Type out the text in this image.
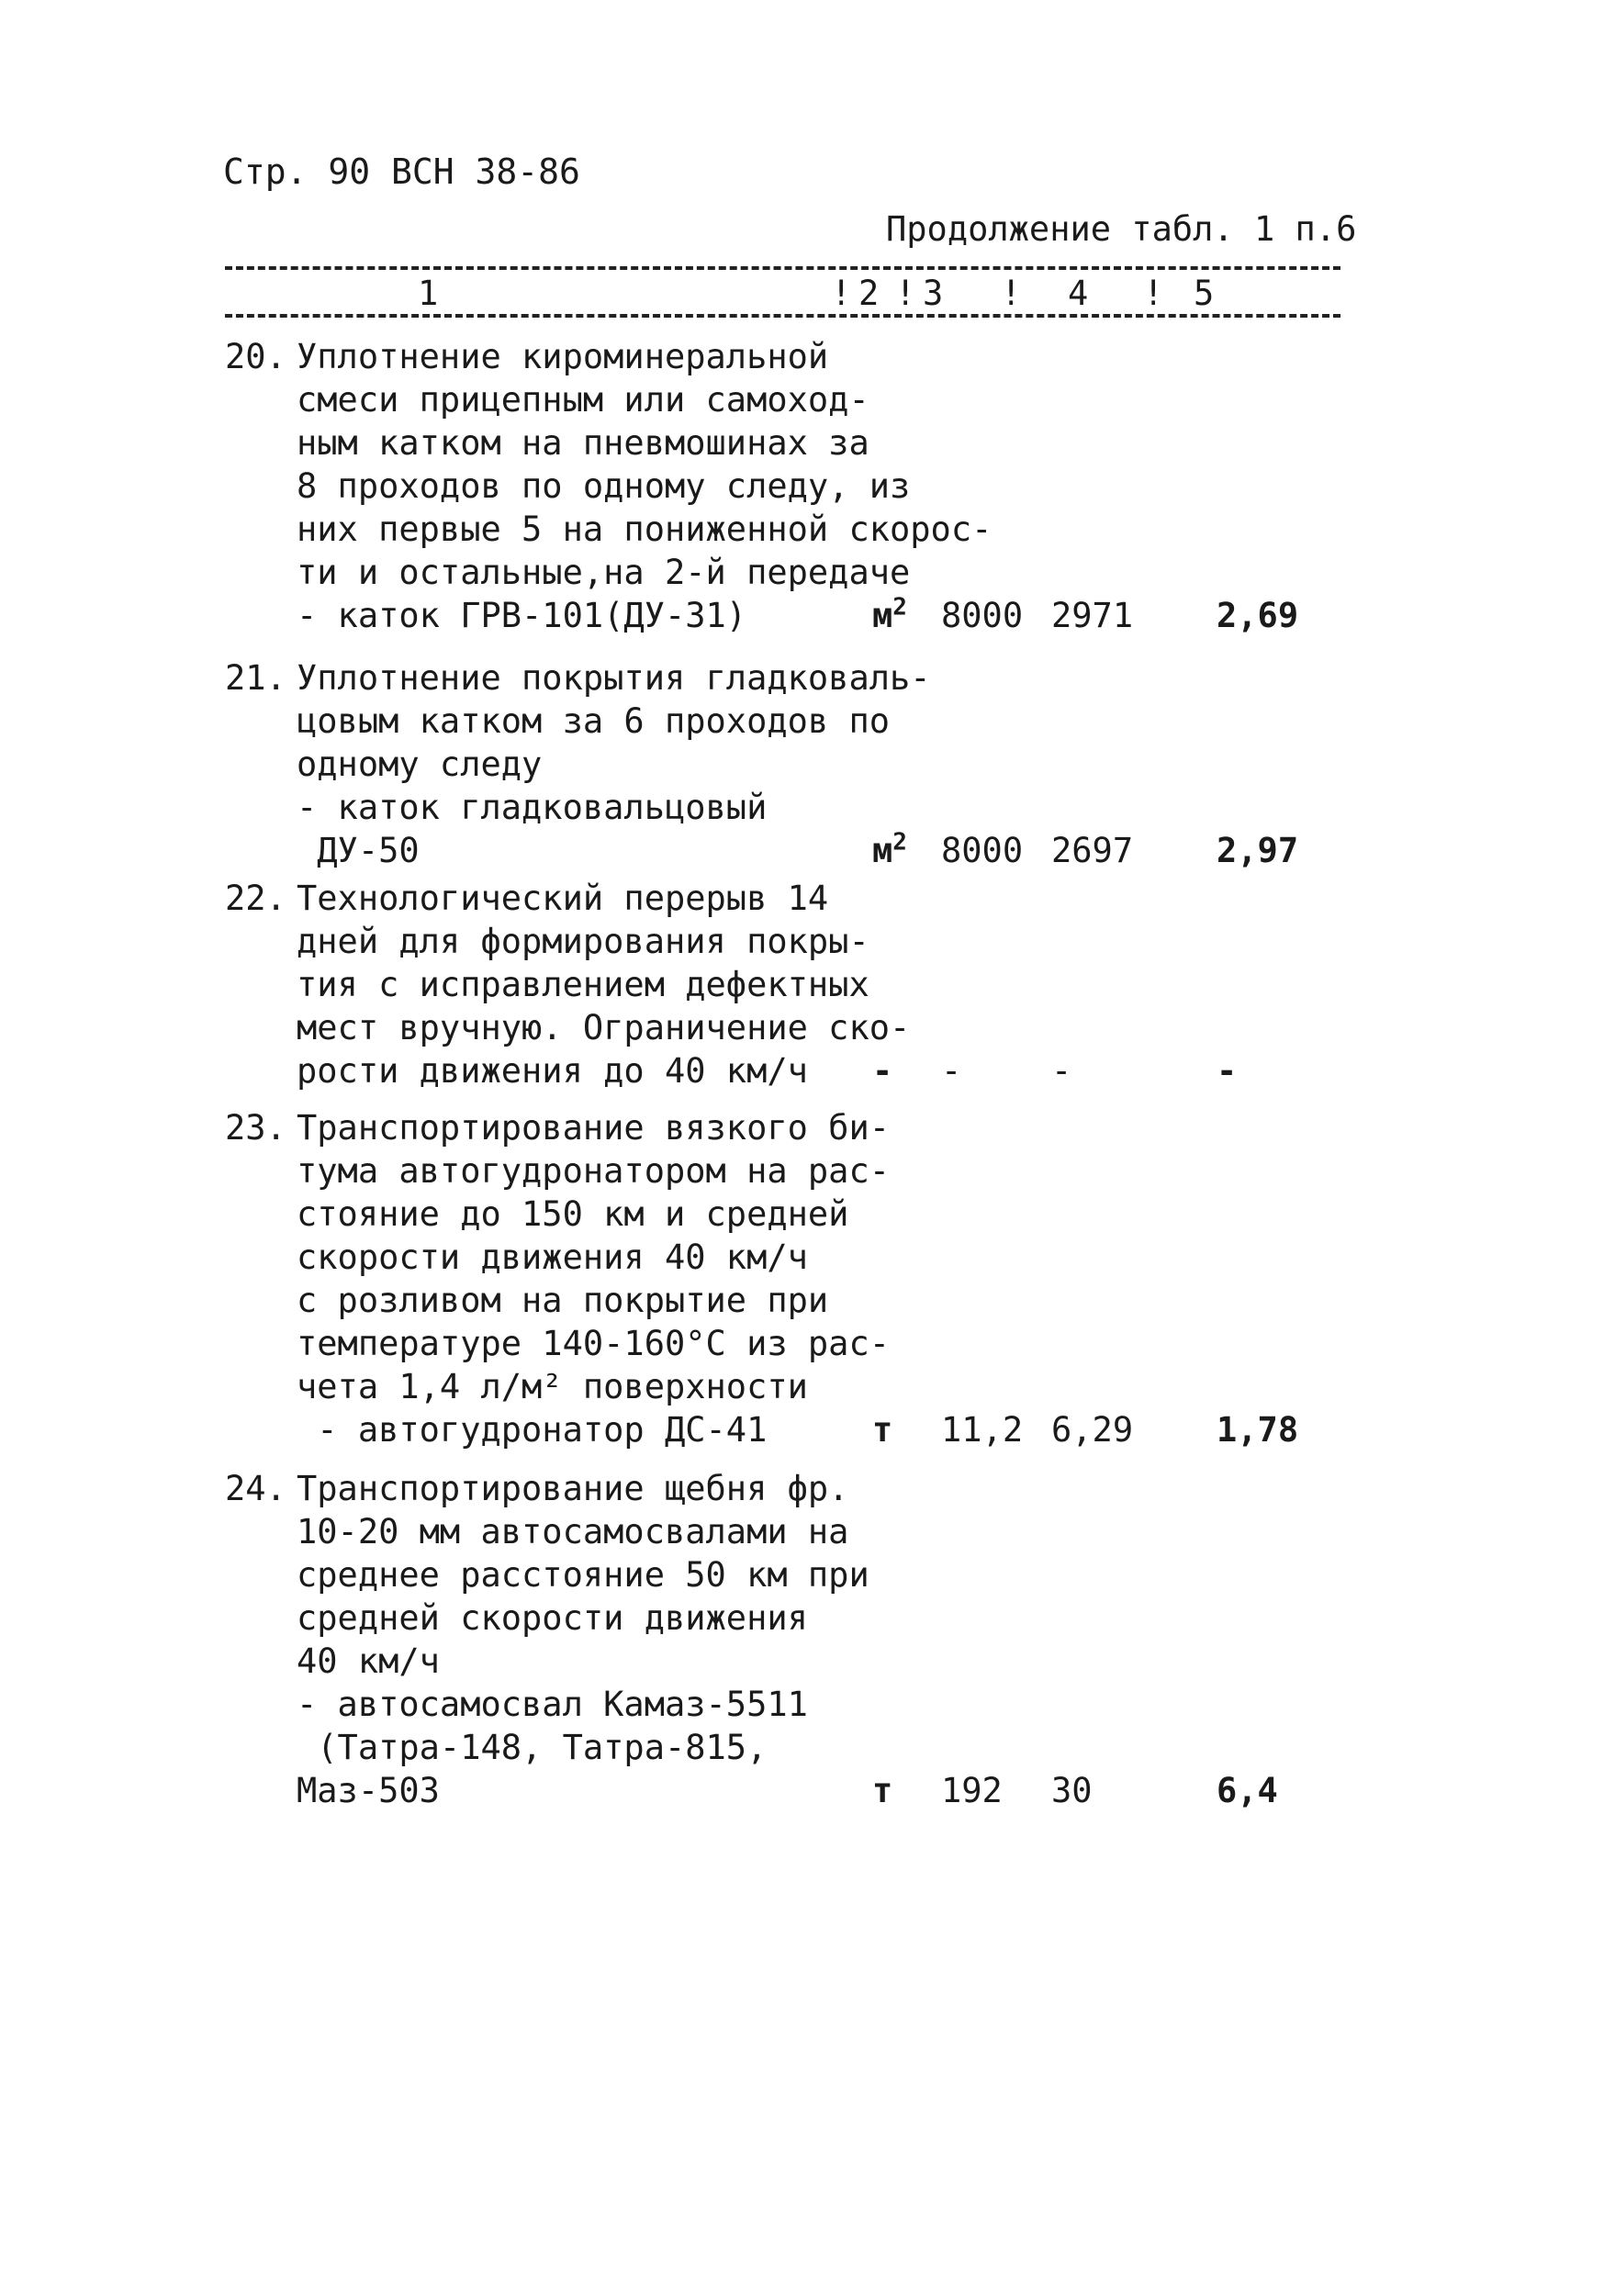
Стр. 90 ВСН 38-86
Продолжение табл. 1 п.6
1	! 2 ! 3 ! 4 ! 5
20. Уплотнение кироминеральной
смеси прицепным или самоход-
ным катком на пневмошинах за
8 проходов по одному следу, из
них первые 5 на пониженной скорос-
ти и остальные,на 2-й передаче
- каток ГРВ-101(ДУ-31)	$м^2$ 8000 2971 2,69
21. Уплотнение покрытия гладковаль-
цовым катком за 6 проходов по
одному следу
- каток гладковальцовый
ДУ-50	$м^2$ 8000 2697 2,97
22. Технологический перерыв 14
дней для формирования покры-
тия с исправлением дефектных
мест вручную. Ограничение ско-
рости движения до 40 км/ч	- -	-	-
23. Транспортирование вязкого би-
тума автогудронатором на рас-
стояние до 150 км и средней
скорости движения 40 км/ч
с розливом на покрытие при
температуре 140-160°С из рас-
чета 1,4 л/м² поверхности
- автогудронатор ДС-41	т 11,2 6,29 1,78
24. Транспортирование щебня фр.
10-20 мм автосамосвалами на
среднее расстояние 50 км при
средней скорости движения
40 км/ч
- автосамосвал Камаз-5511
(Татра-148, Татра-815,
Маз-503	т 192 30	6,4
